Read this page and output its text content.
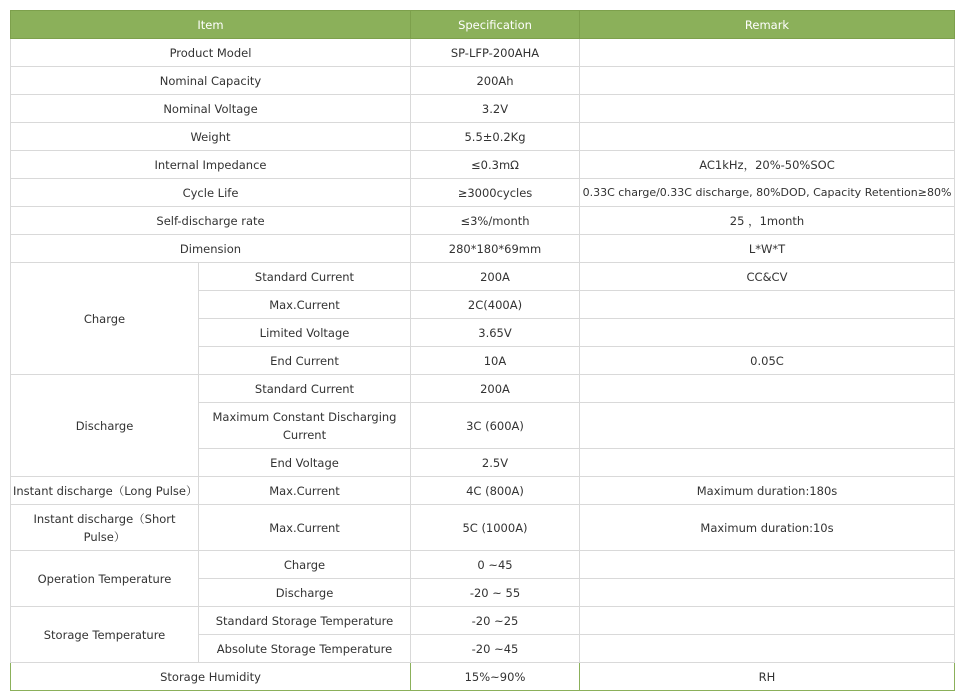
Item		Specification	Remark
Product Model		SP-LFP-200AHA	
Nominal Capacity		200Ah	
Nominal Voltage		3.2V	
Weight		5.5±0.2Kg	
Internal Impedance		≤0.3mΩ	AC1kHz，20%-50%SOC
Cycle Life		≥3000cycles	0.33C charge/0.33C discharge, 80%DOD, Capacity Retention≥80%
Self-discharge rate		≤3%/month	25 ，1month
Dimension		280*180*69mm	L*W*T
Charge	Standard Current	200A	CC&CV
	Max.Current	2C(400A)	
	Limited Voltage	3.65V	
	End Current	10A	0.05C
Discharge	Standard Current	200A	
	Maximum Constant Discharging Current	3C (600A)	
	End Voltage	2.5V	
Instant discharge（Long Pulse）	Max.Current	4C (800A)	Maximum duration:180s
Instant discharge（Short Pulse）	Max.Current	5C (1000A)	Maximum duration:10s
Operation Temperature	Charge	0 ~45	
	Discharge	-20 ~ 55	
Storage Temperature	Standard Storage Temperature	-20 ~25	
	Absolute Storage Temperature	-20 ~45	
Storage Humidity		15%~90%	RH
